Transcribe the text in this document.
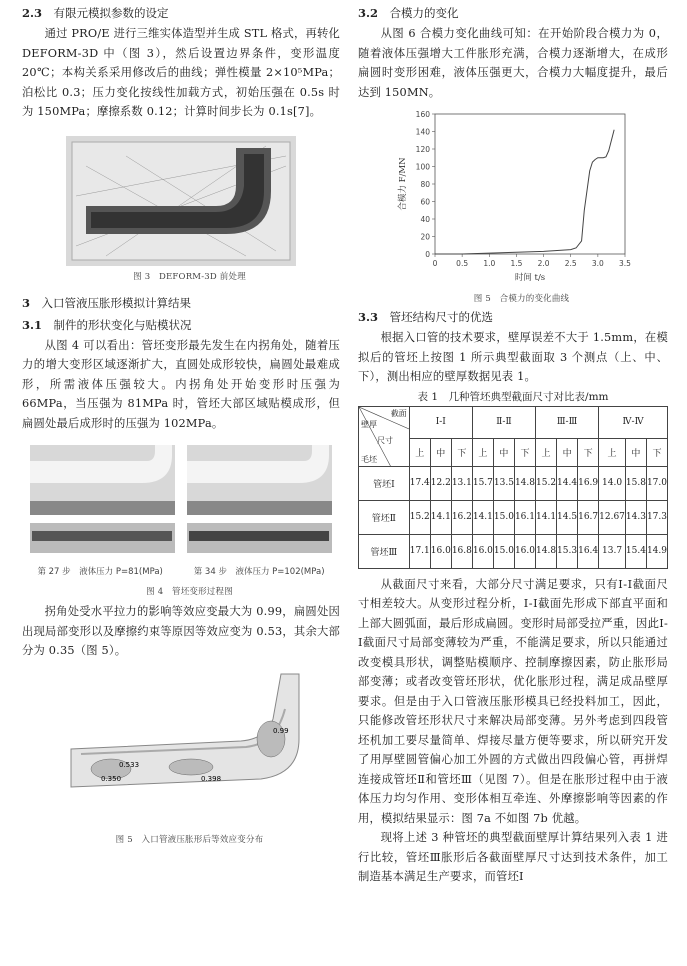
2.3　 有限元模拟参数的设定

通过 PRO/E 进行三维实体造型并生成 STL 格式，再转化 DEFORM-3D 中（图 3），然后设置边界条件，变形温度 20℃；本构关系采用修改后的曲线；弹性模量 2×10⁵MPa；泊松比 0.3；压力变化按线性加载方式，初始压强在 0.5s 时为 150MPa；摩擦系数 0.12；计算时间步长为 0.1s[7]。

图 3　DEFORM-3D 前处理

3　 入口管液压胀形模拟计算结果
3.1　 制件的形状变化与贴模状况

从图 4 可以看出：管坯变形最先发生在内拐角处，随着压力的增大变形区域逐渐扩大，直圆处成形较快，扁圆处最难成形，所需液体压强较大。内拐角处开始变形时压强为 66MPa，当压强为 81MPa 时，管坯大部区域贴模成形，但扁圆处最后成形时的压强为 102MPa。

第 27 步　液体压力 P=81(MPa)	第 34 步　液体压力 P=102(MPa)

图 4　管坯变形过程图

拐角处受水平拉力的影响等效应变最大为 0.99，扁圆处因出现局部变形以及摩擦约束等原因等效应变为 0.53，其余大部分为 0.35（图 5）。

0.99
0.533
0.350	0.398

图 5　入口管液压胀形后等效应变分布

3.2　 合模力的变化

从图 6 合模力变化曲线可知：在开始阶段合模力为 0，随着液体压强增大工件胀形充满，合模力逐渐增大，在成形扁圆时变形困难，液体压强更大，合模力大幅度提升，最后达到 150MN。

0
20
40
60
80
100
120
140
160
0	0.5 1.0 1.5 2.0 2.5 3.0 3.5
时间 t/s
合模力 F/MN

图 5　合模力的变化曲线

3.3　 管坯结构尺寸的优选

根据入口管的技术要求，壁厚误差不大于 1.5mm，在模拟后的管坯上按图 1 所示典型截面取 3 个测点（上、中、下），测出相应的壁厚数据见表 1。

表 1　几种管坯典型截面尺寸对比表/mm
截面
壁厚
尺寸
毛坯	Ⅰ-Ⅰ			Ⅱ-Ⅱ			Ⅲ-Ⅲ			Ⅳ-Ⅳ		
	上	中	下	上	中	下	上	中	下	上	中	下
管坯Ⅰ	17.4	12.2	13.1	15.7	13.5	14.8	15.2	14.4	16.9	14.0	15.8	17.0
管坯Ⅱ	15.2	14.1	16.2	14.1	15.0	16.1	14.1	14.5	16.7	12.67	14.3	17.3
管坯Ⅲ	17.1	16.0	16.8	16.0	15.0	16.0	14.8	15.3	16.4	13.7	15.4	14.9

从截面尺寸来看，大部分尺寸满足要求，只有Ⅰ-Ⅰ截面尺寸相差较大。从变形过程分析，Ⅰ-Ⅰ截面先形成下部直平面和上部大圆弧面，最后形成扁圆。变形时局部受拉严重，因此Ⅰ-Ⅰ截面尺寸局部变薄较为严重，不能满足要求，所以只能通过改变模具形状，调整贴模顺序、控制摩擦因素，防止胀形局部变薄；或者改变管坯形状，优化胀形过程，满足成品壁厚要求。但是由于入口管液压胀形模具已经投料加工，因此，只能修改管坯形状尺寸来解决局部变薄。另外考虑到四段管坯机加工要尽量简单、焊接尽量方便等要求，所以研究开发了用厚壁圆管偏心加工外圆的方式做出四段偏心管，再拼焊连接成管坯Ⅱ和管坯Ⅲ（见图 7）。但是在胀形过程中由于液体压力均匀作用、变形体相互牵连、外摩擦影响等因素的作用，模拟结果显示：图 7a 不如图 7b 优越。

现将上述 3 种管坯的典型截面壁厚计算结果列入表 1 进行比较，管坯Ⅲ胀形后各截面壁厚尺寸达到技术条件，加工制造基本满足生产要求，而管坯Ⅰ
